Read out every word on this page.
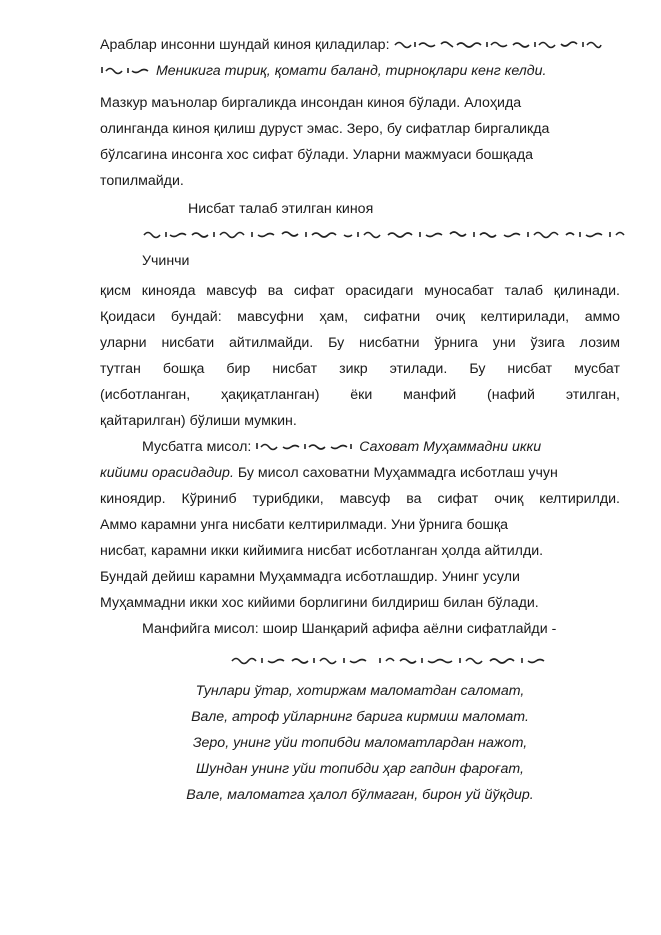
Араблар инсонни шундай киноя қиладилар:

Меникига тириқ, қомати баланд, тирноқлари кенг келди.

Мазкур маънолар биргаликда инсондан киноя бўлади. Алоҳида

олинганда киноя қилиш дуруст эмас. Зеро, бу сифатлар биргаликда

бўлсагина инсонга хос сифат бўлади. Уларни мажмуаси бошқада

топилмайди.

Нисбат талаб этилган киноя

Учинчи

қисм кинояда мавсуф ва сифат орасидаги муносабат талаб қилинади.

Қоидаси бундай: мавсуфни ҳам, сифатни очиқ келтирилади, аммо

уларни нисбати айтилмайди. Бу нисбатни ўрнига уни ўзига лозим

тутган бошқа бир нисбат зикр этилади. Бу нисбат мусбат

(исботланган, ҳақиқатланган) ёки манфий (нафий этилган,

қайтарилган) бўлиши мумкин.

Мусбатга мисол:	Саховат Муҳаммадни икки

кийими орасидадир. Бу мисол саховатни Муҳаммадга исботлаш учун

киноядир. Кўриниб турибдики, мавсуф ва сифат очиқ келтирилди.

Аммо карамни унга нисбати келтирилмади. Уни ўрнига бошқа

нисбат, карамни икки кийимига нисбат исботланган ҳолда айтилди.

Бундай дейиш карамни Муҳаммадга исботлашдир. Унинг усули

Муҳаммадни икки хос кийими борлигини билдириш билан бўлади.

Манфийга мисол: шоир Шанқарий афифа аёлни сифатлайди -

Тунлари ўтар, хотиржам маломатдан саломат,

Вале, атроф уйларнинг барига кирмиш маломат.

Зеро, унинг уйи топибди маломатлардан нажот,

Шундан унинг уйи топибди ҳар гапдин фароғат,

Вале, маломатга ҳалол бўлмаган, бирон уй йўқдир.
